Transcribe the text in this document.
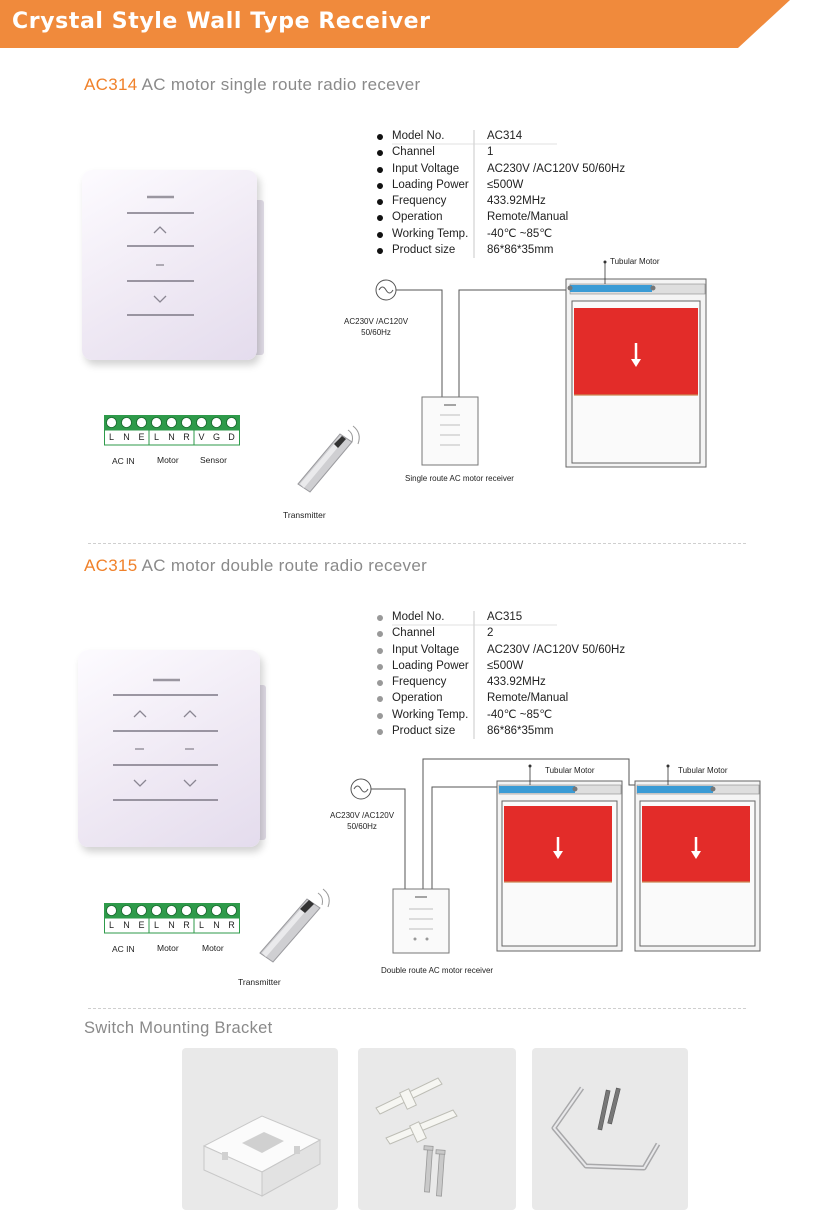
Crystal Style Wall Type Receiver
AC314 AC motor single route radio recever
Model No.	AC314
Channel	1
Input Voltage AC230V /AC120V 50/60Hz
Loading Power ≤500W
Frequency	433.92MHz
Operation	Remote/Manual
Working Temp. -40℃ ~85℃
Product size	86*86*35mm
L	N E	L	N R V G D
AC IN	Motor	Sensor
Transmitter
Tubular Motor
AC230V /AC120V
50/60Hz
Single route AC motor receiver
AC315 AC motor double route radio recever
Model No.	AC315
Channel	2
Input Voltage AC230V /AC120V 50/60Hz
Loading Power ≤500W
Frequency	433.92MHz
Operation	Remote/Manual
Working Temp. -40℃ ~85℃
Product size	86*86*35mm
L	N E	L	N R	L	N R
AC IN	Motor	Motor
Transmitter
Tubular Motor	Tubular Motor
AC230V /AC120V
50/60Hz
Double route AC motor receiver
Switch Mounting Bracket
